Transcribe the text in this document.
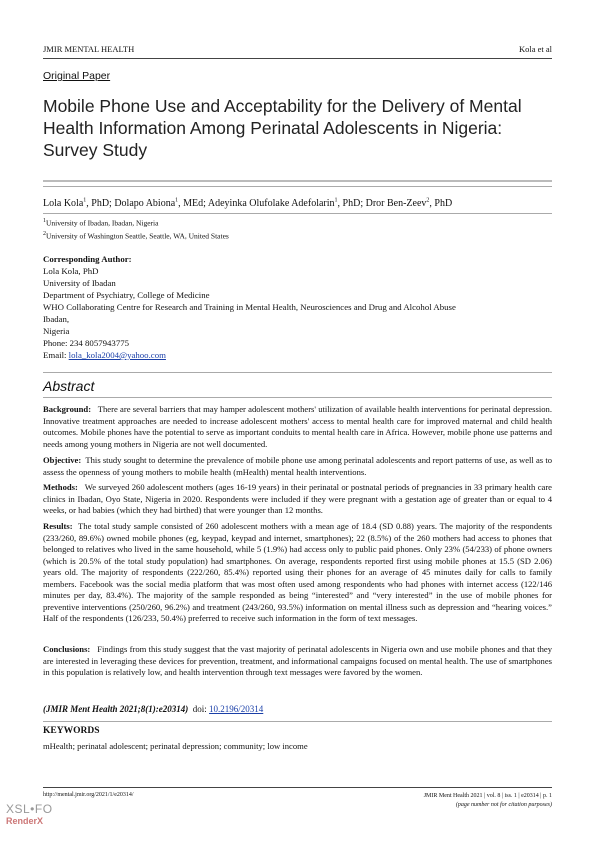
JMIR MENTAL HEALTH	Kola et al
Original Paper
Mobile Phone Use and Acceptability for the Delivery of Mental Health Information Among Perinatal Adolescents in Nigeria: Survey Study
Lola Kola$^1$, PhD; Dolapo Abiona$^1$, MEd; Adeyinka Olufolake Adefolarin$^1$, PhD; Dror Ben-Zeev$^2$, PhD
$^1$University of Ibadan, Ibadan, Nigeria
$^2$University of Washington Seattle, Seattle, WA, United States
Corresponding Author:
Lola Kola, PhD
University of Ibadan
Department of Psychiatry, College of Medicine
WHO Collaborating Centre for Research and Training in Mental Health, Neurosciences and Drug and Alcohol Abuse
Ibadan,
Nigeria
Phone: 234 8057943775
Email: lola_kola2004@yahoo.com
Abstract
Background: There are several barriers that may hamper adolescent mothers' utilization of available health interventions for perinatal depression. Innovative treatment approaches are needed to increase adolescent mothers' access to mental health care for improved maternal and child health outcomes. Mobile phones have the potential to serve as important conduits to mental health care in Africa. However, mobile phone use patterns and needs among young mothers in Nigeria are not well documented.
Objective: This study sought to determine the prevalence of mobile phone use among perinatal adolescents and report patterns of use, as well as to assess the openness of young mothers to mobile health (mHealth) mental health interventions.
Methods: We surveyed 260 adolescent mothers (ages 16-19 years) in their perinatal or postnatal periods of pregnancies in 33 primary health care clinics in Ibadan, Oyo State, Nigeria in 2020. Respondents were included if they were pregnant with a gestation age of greater than or equal to 4 weeks, or had babies (which they had birthed) that were younger than 12 months.
Results: The total study sample consisted of 260 adolescent mothers with a mean age of 18.4 (SD 0.88) years. The majority of the respondents (233/260, 89.6%) owned mobile phones (eg, keypad, keypad and internet, smartphones); 22 (8.5%) of the 260 mothers had access to phones that belonged to relatives who lived in the same household, while 5 (1.9%) had access only to public paid phones. Only 23% (54/233) of phone owners (which is 20.5% of the total study population) had smartphones. On average, respondents reported first using mobile phones at 15.5 (SD 2.06) years old. The majority of respondents (222/260, 85.4%) reported using their phones for an average of 45 minutes daily for calls to family members. Facebook was the social media platform that was most often used among respondents who had phones with internet access (122/146 minutes per day, 83.4%). The majority of the sample responded as being “interested” and “very interested” in the use of mobile phones for preventive interventions (250/260, 96.2%) and treatment (243/260, 93.5%) information on mental illness such as depression and “hearing voices.” Half of the respondents (126/233, 50.4%) preferred to receive such information in the form of text messages.
Conclusions: Findings from this study suggest that the vast majority of perinatal adolescents in Nigeria own and use mobile phones and that they are interested in leveraging these devices for prevention, treatment, and informational campaigns focused on mental health. The use of smartphones in this population is relatively low, and health intervention through text messages were favored by the women.
(JMIR Ment Health 2021;8(1):e20314) doi: 10.2196/20314
KEYWORDS
mHealth; perinatal adolescent; perinatal depression; community; low income
http://mental.jmir.org/2021/1/e20314/	JMIR Ment Health 2021 | vol. 8 | iss. 1 | e20314 | p. 1
(page number not for citation purposes)
XSL•FO
RenderX
